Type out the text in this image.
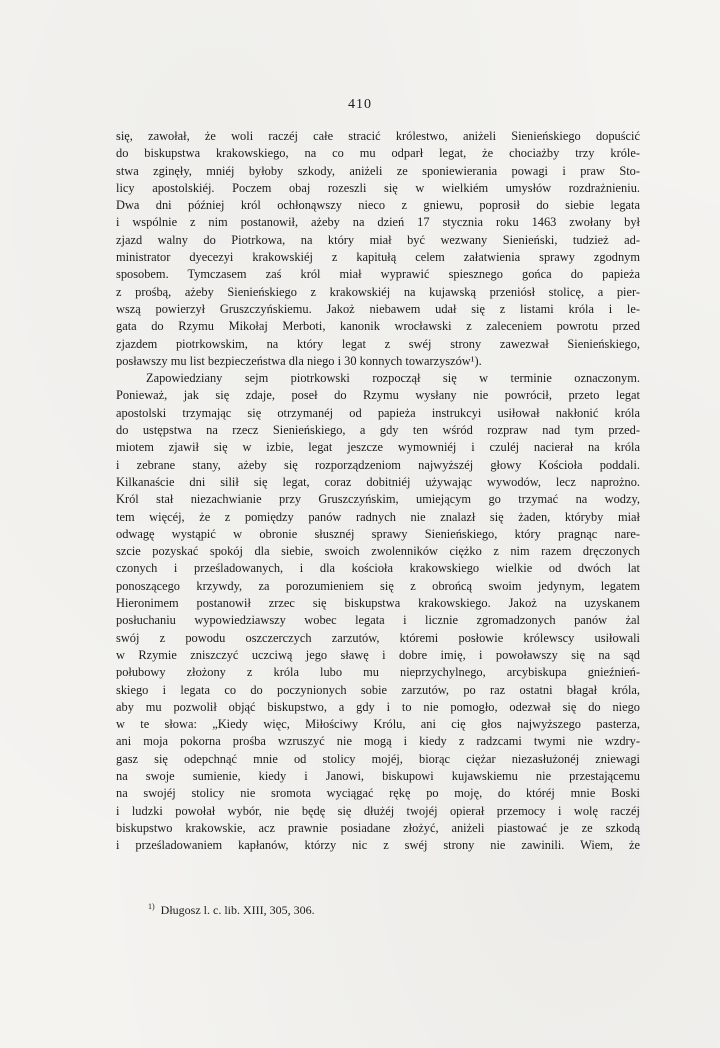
410
się, zawołał, że woli raczéj całe stracić królestwo, aniżeli Sienieńskiego dopuścić
do biskupstwa krakowskiego, na co mu odparł legat, że chociażby trzy króle-
stwa zginęły, mniéj byłoby szkody, aniżeli ze sponiewierania powagi i praw Sto-
licy apostolskiéj. Poczem obaj rozeszli się w wielkiém umysłów rozdrażnieniu.
Dwa dni później król ochłonąwszy nieco z gniewu, poprosił do siebie legata
i wspólnie z nim postanowił, ażeby na dzień 17 stycznia roku 1463 zwołany był
zjazd walny do Piotrkowa, na który miał być wezwany Sienieński, tudzież ad-
ministrator dyecezyi krakowskiéj z kapitułą celem załatwienia sprawy zgodnym
sposobem. Tymczasem zaś król miał wyprawić spiesznego gońca do papieża
z prośbą, ażeby Sienieńskiego z krakowskiéj na kujawską przeniósł stolicę, a pier-
wszą powierzył Gruszczyńskiemu. Jakoż niebawem udał się z listami króla i le-
gata do Rzymu Mikołaj Merboti, kanonik wrocławski z zaleceniem powrotu przed
zjazdem piotrkowskim, na który legat z swéj strony zawezwał Sienieńskiego,
posławszy mu list bezpieczeństwa dla niego i 30 konnych towarzyszów¹).
Zapowiedziany sejm piotrkowski rozpoczął się w terminie oznaczonym.
Ponieważ, jak się zdaje, poseł do Rzymu wysłany nie powrócił, przeto legat
apostolski trzymając się otrzymanéj od papieża instrukcyi usiłował nakłonić króla
do ustępstwa na rzecz Sienieńskiego, a gdy ten wśród rozpraw nad tym przed-
miotem zjawił się w izbie, legat jeszcze wymowniéj i czuléj nacierał na króla
i zebrane stany, ażeby się rozporządzeniom najwyższéj głowy Kościoła poddali.
Kilkanaście dni silił się legat, coraz dobitniéj używając wywodów, lecz naprożno.
Król stał niezachwianie przy Gruszczyńskim, umiejącym go trzymać na wodzy,
tem więcéj, że z pomiędzy panów radnych nie znalazł się żaden, któryby miał
odwagę wystąpić w obronie słusznéj sprawy Sienieńskiego, który pragnąc nare-
szcie pozyskać spokój dla siebie, swoich zwolenników ciężko z nim razem dręczonych
czonych i prześladowanych, i dla kościoła krakowskiego wielkie od dwóch lat
ponoszącego krzywdy, za porozumieniem się z obrońcą swoim jedynym, legatem
Hieronimem postanowił zrzec się biskupstwa krakowskiego. Jakoż na uzyskanem
posłuchaniu wypowiedziawszy wobec legata i licznie zgromadzonych panów żal
swój z powodu oszczerczych zarzutów, któremi posłowie królewscy usiłowali
w Rzymie zniszczyć uczciwą jego sławę i dobre imię, i powoławszy się na sąd
połubowy złożony z króla lubo mu nieprzychylnego, arcybiskupa gnieźnień-
skiego i legata co do poczynionych sobie zarzutów, po raz ostatni błagał króla,
aby mu pozwolił objąć biskupstwo, a gdy i to nie pomogło, odezwał się do niego
w te słowa: „Kiedy więc, Miłościwy Królu, ani cię głos najwyższego pasterza,
ani moja pokorna prośba wzruszyć nie mogą i kiedy z radzcami twymi nie wzdry-
gasz się odepchnąć mnie od stolicy mojéj, biorąc ciężar niezasłużonéj zniewagi
na swoje sumienie, kiedy i Janowi, biskupowi kujawskiemu nie przestającemu
na swojéj stolicy nie sromota wyciągać rękę po moję, do któréj mnie Boski
i ludzki powołał wybór, nie będę się dłużéj twojéj opierał przemocy i wolę raczéj
biskupstwo krakowskie, acz prawnie posiadane złożyć, aniżeli piastować je ze szkodą
i prześladowaniem kapłanów, którzy nic z swéj strony nie zawinili. Wiem, że
$^{1)}$ Długosz l. c. lib. XIII, 305, 306.
